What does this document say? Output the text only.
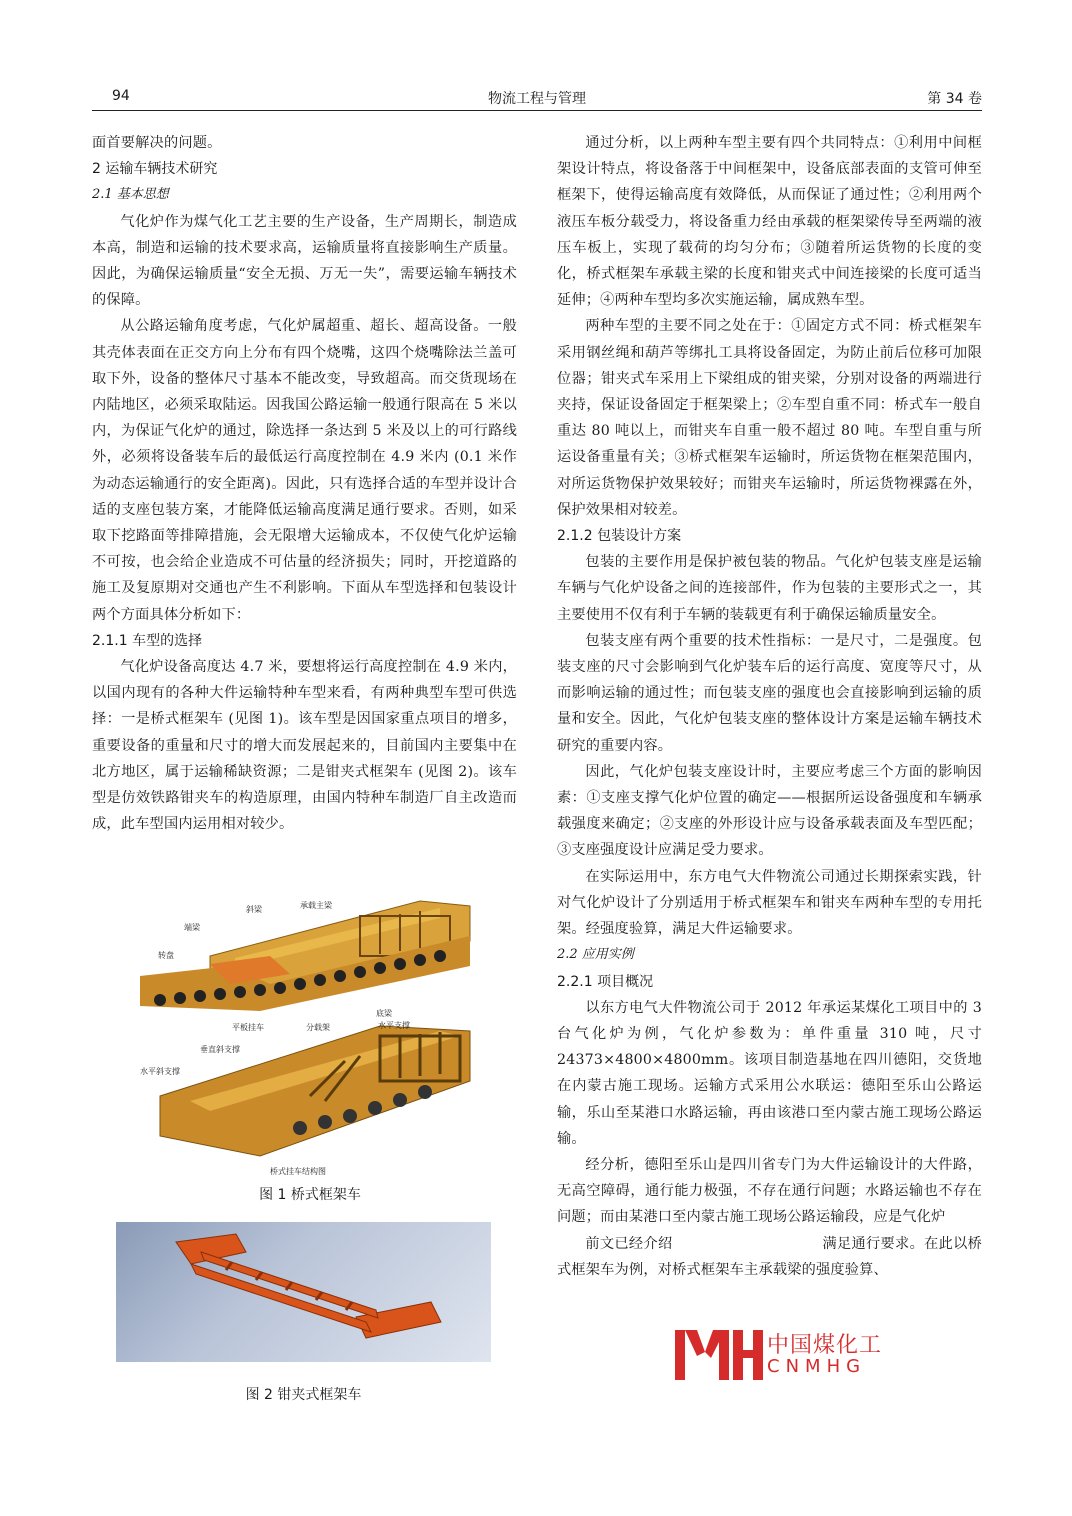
94	物流工程与管理	第 34 卷

面首要解决的问题。

2 运输车辆技术研究
2.1 基本思想

气化炉作为煤气化工艺主要的生产设备，生产周期长，制造成本高，制造和运输的技术要求高，运输质量将直接影响生产质量。因此，为确保运输质量“安全无损、万无一失”，需要运输车辆技术的保障。

从公路运输角度考虑，气化炉属超重、超长、超高设备。一般其壳体表面在正交方向上分布有四个烧嘴，这四个烧嘴除法兰盖可取下外，设备的整体尺寸基本不能改变，导致超高。而交货现场在内陆地区，必须采取陆运。因我国公路运输一般通行限高在 5 米以内，为保证气化炉的通过，除选择一条达到 5 米及以上的可行路线外，必须将设备装车后的最低运行高度控制在 4.9 米内 (0.1 米作为动态运输通行的安全距离)。因此，只有选择合适的车型并设计合适的支座包装方案，才能降低运输高度满足通行要求。否则，如采取下挖路面等排障措施，会无限增大运输成本，不仅使气化炉运输不可按，也会给企业造成不可估量的经济损失；同时，开挖道路的施工及复原期对交通也产生不利影响。下面从车型选择和包装设计两个方面具体分析如下：

2.1.1 车型的选择

气化炉设备高度达 4.7 米，要想将运行高度控制在 4.9 米内，以国内现有的各种大件运输特种车型来看，有两种典型车型可供选择：一是桥式框架车 (见图 1)。该车型是因国家重点项目的增多，重要设备的重量和尺寸的增大而发展起来的，目前国内主要集中在北方地区，属于运输稀缺资源；二是钳夹式框架车 (见图 2)。该车型是仿效铁路钳夹车的构造原理，由国内特种车制造厂自主改造而成，此车型国内运用相对较少。

斜梁	承载主梁
端梁
转盘
平板挂车	分载架
底梁
水平支撑
垂直斜支撑
水平斜支撑
桥式挂车结构图
图 1 桥式框架车
图 2 钳夹式框架车

通过分析，以上两种车型主要有四个共同特点：①利用中间框架设计特点，将设备落于中间框架中，设备底部表面的支管可伸至框架下，使得运输高度有效降低，从而保证了通过性；②利用两个液压车板分载受力，将设备重力经由承载的框架梁传导至两端的液压车板上，实现了载荷的均匀分布；③随着所运货物的长度的变化，桥式框架车承载主梁的长度和钳夹式中间连接梁的长度可适当延伸；④两种车型均多次实施运输，属成熟车型。

两种车型的主要不同之处在于：①固定方式不同：桥式框架车采用钢丝绳和葫芦等绑扎工具将设备固定，为防止前后位移可加限位器；钳夹式车采用上下梁组成的钳夹梁，分别对设备的两端进行夹持，保证设备固定于框架梁上；②车型自重不同：桥式车一般自重达 80 吨以上，而钳夹车自重一般不超过 80 吨。车型自重与所运设备重量有关；③桥式框架车运输时，所运货物在框架范围内，对所运货物保护效果较好；而钳夹车运输时，所运货物裸露在外，保护效果相对较差。

2.1.2 包装设计方案

包装的主要作用是保护被包装的物品。气化炉包装支座是运输车辆与气化炉设备之间的连接部件，作为包装的主要形式之一，其主要使用不仅有利于车辆的装载更有利于确保运输质量安全。

包装支座有两个重要的技术性指标：一是尺寸，二是强度。包装支座的尺寸会影响到气化炉装车后的运行高度、宽度等尺寸，从而影响运输的通过性；而包装支座的强度也会直接影响到运输的质量和安全。因此，气化炉包装支座的整体设计方案是运输车辆技术研究的重要内容。

因此，气化炉包装支座设计时，主要应考虑三个方面的影响因素：①支座支撑气化炉位置的确定——根据所运设备强度和车辆承载强度来确定；②支座的外形设计应与设备承载表面及车型匹配；③支座强度设计应满足受力要求。

在实际运用中，东方电气大件物流公司通过长期探索实践，针对气化炉设计了分别适用于桥式框架车和钳夹车两种车型的专用托架。经强度验算，满足大件运输要求。

2.2 应用实例
2.2.1 项目概况

以东方电气大件物流公司于 2012 年承运某煤化工项目中的 3 台气化炉为例，气化炉参数为：单件重量 310 吨，尺寸 24373×4800×4800mm。该项目制造基地在四川德阳，交货地在内蒙古施工现场。运输方式采用公水联运：德阳至乐山公路运输，乐山至某港口水路运输，再由该港口至内蒙古施工现场公路运输。

经分析，德阳至乐山是四川省专门为大件运输设计的大件路，无高空障碍，通行能力极强，不存在通行问题；水路运输也不存在问题；而由某港口至内蒙古施工现场公路运输段，应是气化炉

前文已经介绍	满足通行要求。在此以桥式框架车为例，对桥式框架车主承载梁的强度验算、

中国煤化工
CNMHG
